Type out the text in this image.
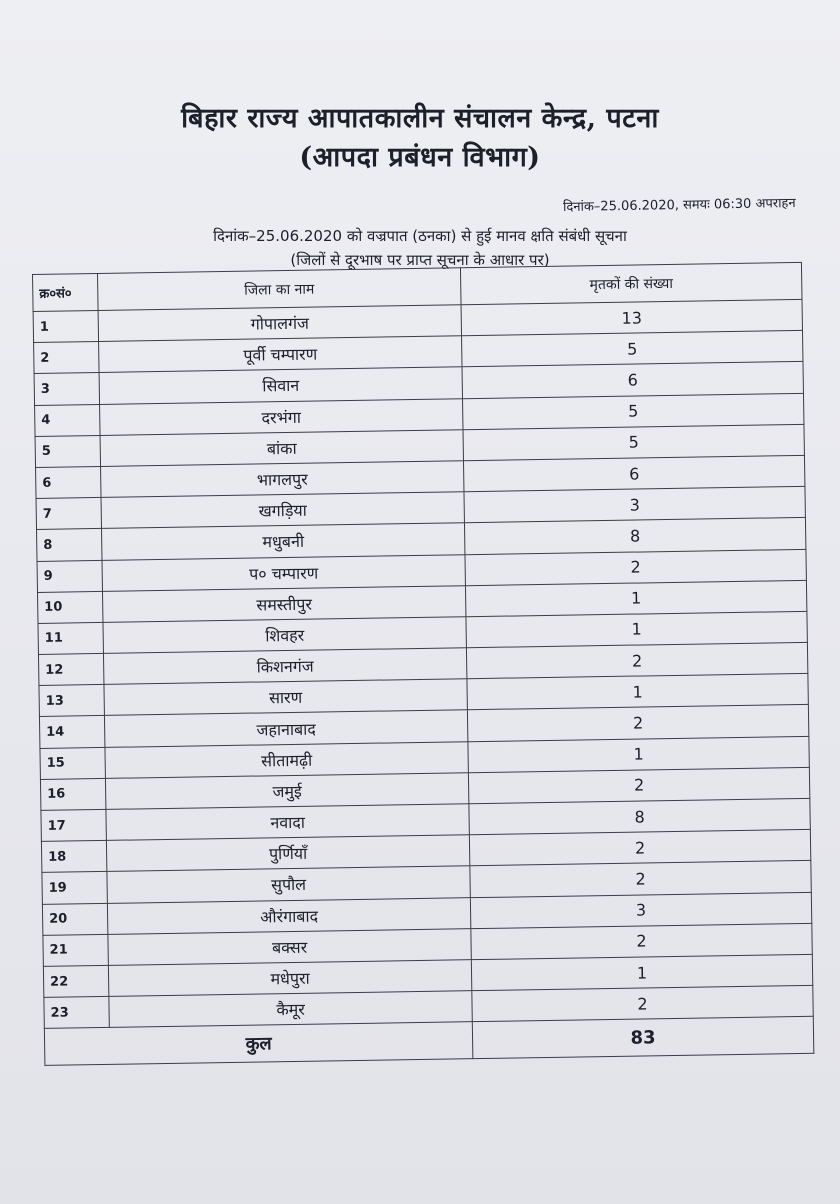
बिहार राज्य आपातकालीन संचालन केन्द्र, पटना
(आपदा प्रबंधन विभाग)
दिनांक–25.06.2020, समयः 06:30 अपराहन
दिनांक–25.06.2020 को वज्रपात (ठनका) से हुई मानव क्षति संबंधी सूचना
(जिलों से दूरभाष पर प्राप्त सूचना के आधार पर)
क्र०सं०	जिला का नाम	मृतकों की संख्या
1	गोपालगंज	13
2	पूर्वी चम्पारण	5
3	सिवान	6
4	दरभंगा	5
5	बांका	5
6	भागलपुर	6
7	खगड़िया	3
8	मधुबनी	8
9	प० चम्पारण	2
10	समस्तीपुर	1
11	शिवहर	1
12	किशनगंज	2
13	सारण	1
14	जहानाबाद	2
15	सीतामढ़ी	1
16	जमुई	2
17	नवादा	8
18	पुर्णियाँ	2
19	सुपौल	2
20	औरंगाबाद	3
21	बक्सर	2
22	मधेपुरा	1
23	कैमूर	2
कुल		83
